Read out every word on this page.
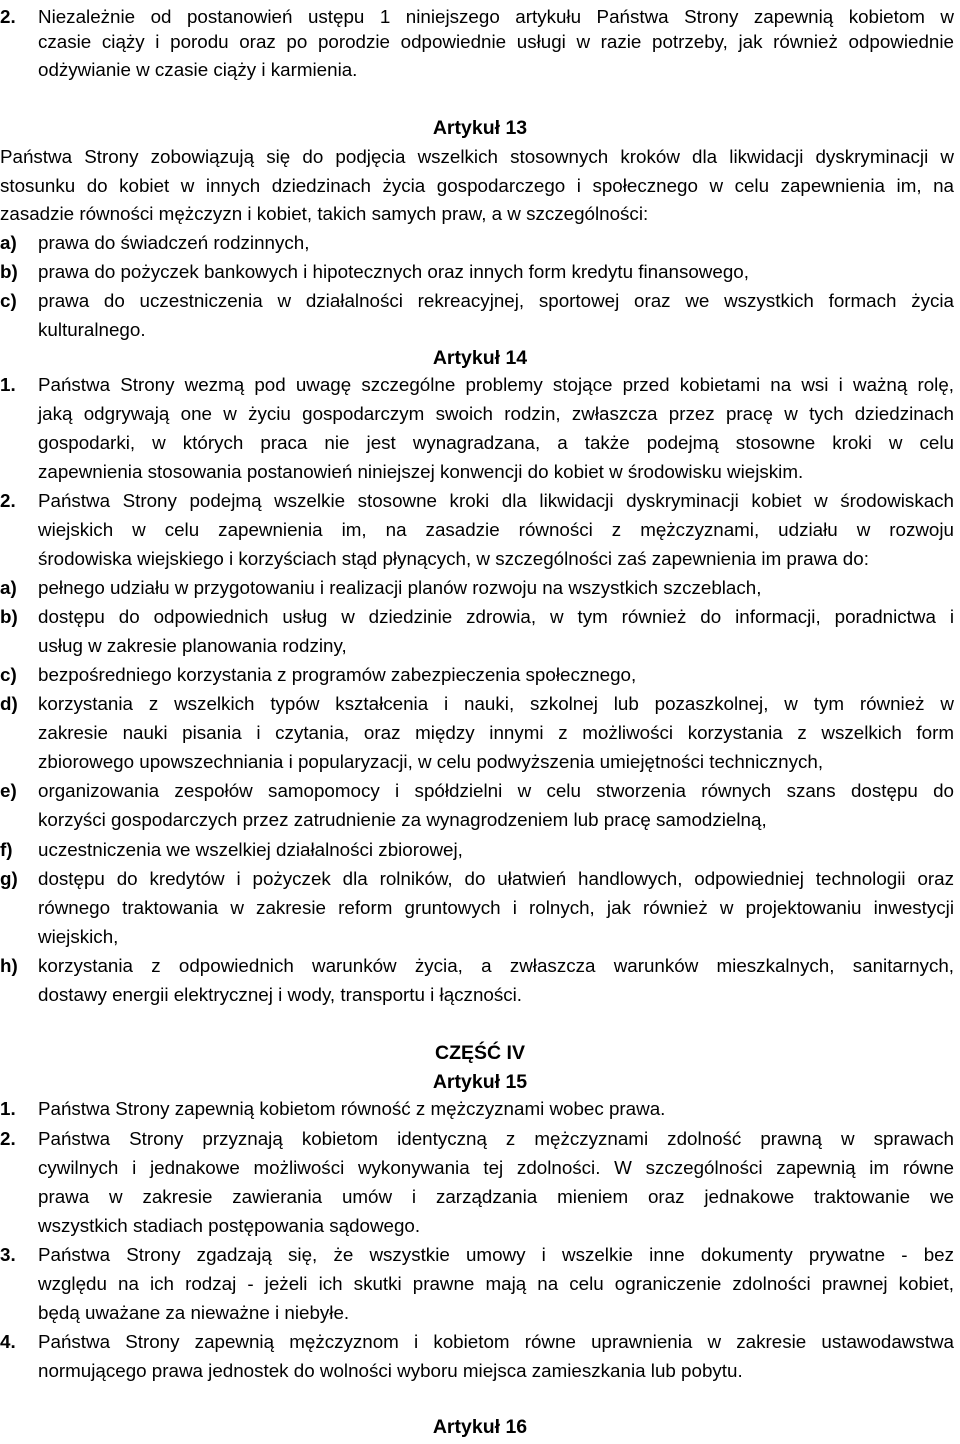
2. Niezależnie od postanowień ustępu 1 niniejszego artykułu Państwa Strony zapewnią kobietom w
czasie ciąży i porodu oraz po porodzie odpowiednie usługi w razie potrzeby, jak również odpowiednie
odżywianie w czasie ciąży i karmienia.
Artykuł 13
Państwa Strony zobowiązują się do podjęcia wszelkich stosownych kroków dla likwidacji dyskryminacji w
stosunku do kobiet w innych dziedzinach życia gospodarczego i społecznego w celu zapewnienia im, na
zasadzie równości mężczyzn i kobiet, takich samych praw, a w szczególności:
a) prawa do świadczeń rodzinnych,
b) prawa do pożyczek bankowych i hipotecznych oraz innych form kredytu finansowego,
c) prawa do uczestniczenia w działalności rekreacyjnej, sportowej oraz we wszystkich formach życia
kulturalnego.
Artykuł 14
1. Państwa Strony wezmą pod uwagę szczególne problemy stojące przed kobietami na wsi i ważną rolę,
jaką odgrywają one w życiu gospodarczym swoich rodzin, zwłaszcza przez pracę w tych dziedzinach
gospodarki, w których praca nie jest wynagradzana, a także podejmą stosowne kroki w celu
zapewnienia stosowania postanowień niniejszej konwencji do kobiet w środowisku wiejskim.
2. Państwa Strony podejmą wszelkie stosowne kroki dla likwidacji dyskryminacji kobiet w środowiskach
wiejskich w celu zapewnienia im, na zasadzie równości z mężczyznami, udziału w rozwoju
środowiska wiejskiego i korzyściach stąd płynących, w szczególności zaś zapewnienia im prawa do:
a) pełnego udziału w przygotowaniu i realizacji planów rozwoju na wszystkich szczeblach,
b) dostępu do odpowiednich usług w dziedzinie zdrowia, w tym również do informacji, poradnictwa i
usług w zakresie planowania rodziny,
c) bezpośredniego korzystania z programów zabezpieczenia społecznego,
d) korzystania z wszelkich typów kształcenia i nauki, szkolnej lub pozaszkolnej, w tym również w
zakresie nauki pisania i czytania, oraz między innymi z możliwości korzystania z wszelkich form
zbiorowego upowszechniania i popularyzacji, w celu podwyższenia umiejętności technicznych,
e) organizowania zespołów samopomocy i spółdzielni w celu stworzenia równych szans dostępu do
korzyści gospodarczych przez zatrudnienie za wynagrodzeniem lub pracę samodzielną,
f) uczestniczenia we wszelkiej działalności zbiorowej,
g) dostępu do kredytów i pożyczek dla rolników, do ułatwień handlowych, odpowiedniej technologii oraz
równego traktowania w zakresie reform gruntowych i rolnych, jak również w projektowaniu inwestycji
wiejskich,
h) korzystania z odpowiednich warunków życia, a zwłaszcza warunków mieszkalnych, sanitarnych,
dostawy energii elektrycznej i wody, transportu i łączności.
CZĘŚĆ IV
Artykuł 15
1. Państwa Strony zapewnią kobietom równość z mężczyznami wobec prawa.
2. Państwa Strony przyznają kobietom identyczną z mężczyznami zdolność prawną w sprawach
cywilnych i jednakowe możliwości wykonywania tej zdolności. W szczególności zapewnią im równe
prawa w zakresie zawierania umów i zarządzania mieniem oraz jednakowe traktowanie we
wszystkich stadiach postępowania sądowego.
3. Państwa Strony zgadzają się, że wszystkie umowy i wszelkie inne dokumenty prywatne - bez
względu na ich rodzaj - jeżeli ich skutki prawne mają na celu ograniczenie zdolności prawnej kobiet,
będą uważane za nieważne i niebyłe.
4. Państwa Strony zapewnią mężczyznom i kobietom równe uprawnienia w zakresie ustawodawstwa
normującego prawa jednostek do wolności wyboru miejsca zamieszkania lub pobytu.
Artykuł 16
